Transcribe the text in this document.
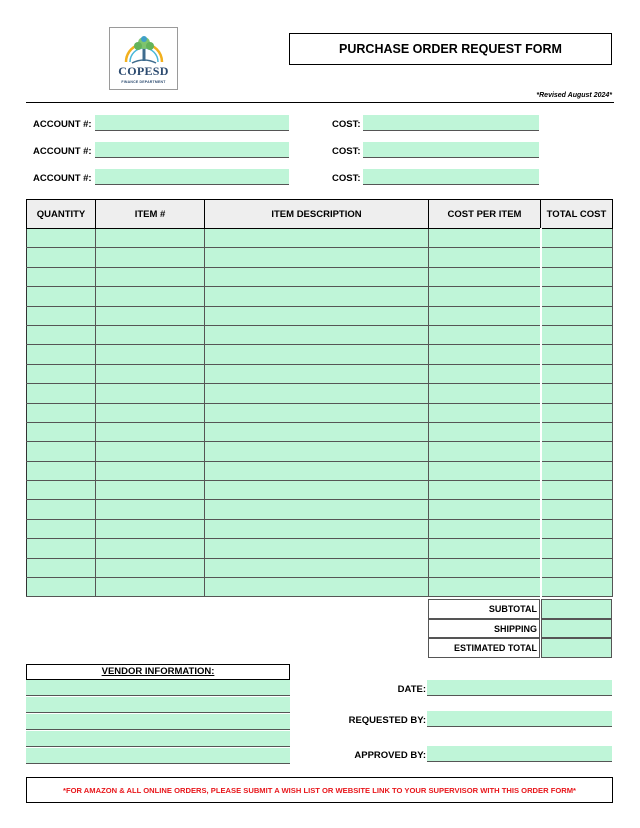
COPESD
FINANCE DEPARTMENT
PURCHASE ORDER REQUEST FORM
*Revised August 2024*
ACCOUNT #:	COST:
ACCOUNT #:	COST:
ACCOUNT #:	COST:
QUANTITY	ITEM #	ITEM DESCRIPTION	COST PER ITEM	TOTAL COST

SUBTOTAL
SHIPPING
ESTIMATED TOTAL
VENDOR INFORMATION:
DATE:
REQUESTED BY:
APPROVED BY:
*FOR AMAZON & ALL ONLINE ORDERS, PLEASE SUBMIT A WISH LIST OR WEBSITE LINK TO YOUR SUPERVISOR WITH THIS ORDER FORM*
